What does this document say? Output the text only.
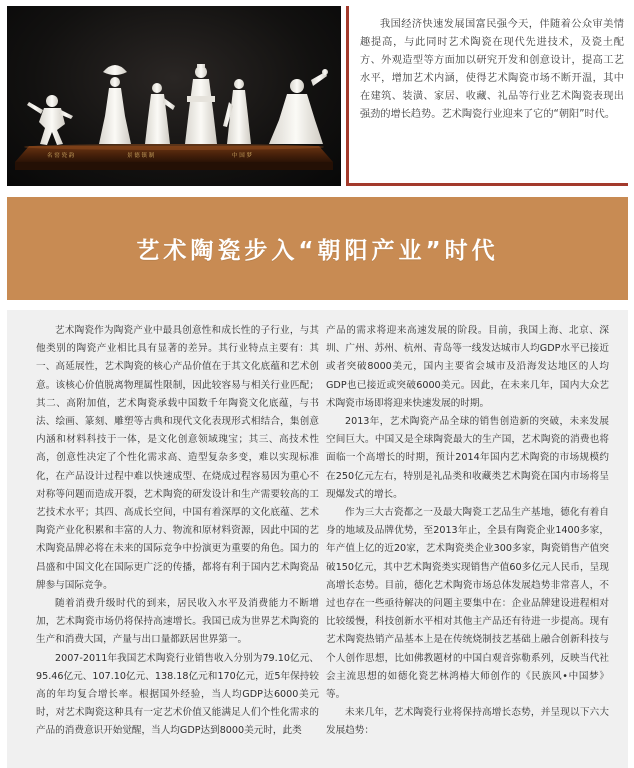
名 窑 瓷 韵	景 德 镇 制	中 国 梦

我国经济快速发展国富民强今天，伴随着公众审美情趣提高，与此同时艺术陶瓷在现代先进技术，及瓷土配方、外观造型等方面加以研究开发和创意设计，提高工艺水平，增加艺术内涵，使得艺术陶瓷市场不断开温，其中在建筑、装潢、家居、收藏、礼品等行业艺术陶瓷表现出强劲的增长趋势。艺术陶瓷行业迎来了它的“朝阳”时代。

艺术陶瓷步入“朝阳产业”时代

艺术陶瓷作为陶瓷产业中最具创意性和成长性的子行业，与其他类别的陶瓷产业相比具有显著的差异。其行业特点主要有：其一、高延展性，艺术陶瓷的核心产品价值在于其文化底蕴和艺术创意。该核心价值脱离物理属性限制，因此较容易与相关行业匹配；其二、高附加值，艺术陶瓷承载中国数千年陶瓷文化底蕴，与书法、绘画、篆刻、雕塑等古典和现代文化表现形式相结合，集创意内涵和材料科技于一体，是文化创意领域瑰宝；其三、高技术性高，创意性决定了个性化需求高、造型复杂多变，难以实现标准化，在产品设计过程中难以快速成型、在烧成过程容易因为重心不对称等问题而造成开裂，艺术陶瓷的研发设计和生产需要较高的工艺技术水平；其四、高成长空间，中国有着深厚的文化底蕴、艺术陶瓷产业化积累和丰富的人力、物流和原材料资源，因此中国的艺术陶瓷品牌必将在未来的国际竞争中扮演更为重要的角色。国力的昌盛和中国文化在国际更广泛的传播，都将有利于国内艺术陶瓷品牌参与国际竞争。

随着消费升级时代的到来，居民收入水平及消费能力不断增加，艺术陶瓷市场仍将保持高速增长。我国已成为世界艺术陶瓷的生产和消费大国，产量与出口量都跃居世界第一。

2007-2011年我国艺术陶瓷行业销售收入分别为79.10亿元、95.46亿元、107.10亿元、138.18亿元和170亿元，近5年保持较高的年均复合增长率。根据国外经验，当人均GDP达6000美元时，对艺术陶瓷这种具有一定艺术价值又能满足人们个性化需求的产品的消费意识开始觉醒，当人均GDP达到8000美元时，此类

产品的需求将迎来高速发展的阶段。目前，我国上海、北京、深圳、广州、苏州、杭州、青岛等一线发达城市人均GDP水平已接近或者突破8000美元，国内主要省会城市及沿海发达地区的人均GDP也已接近或突破6000美元。因此，在未来几年，国内大众艺术陶瓷市场即将迎来快速发展的时期。

2013年，艺术陶瓷产品全球的销售创造新的突破，未来发展空间巨大。中国又是全球陶瓷最大的生产国，艺术陶瓷的消费也将面临一个高增长的时期，预计2014年国内艺术陶瓷的市场规模约在250亿元左右，特别是礼品类和收藏类艺术陶瓷在国内市场将呈现爆发式的增长。

作为三大古瓷都之一及最大陶瓷工艺品生产基地，德化有着自身的地域及品牌优势，至2013年止，全县有陶瓷企业1400多家，年产值上亿的近20家，艺术陶瓷类企业300多家，陶瓷销售产值突破150亿元，其中艺术陶瓷类实现销售产值60多亿元人民币，呈现高增长态势。目前，德化艺术陶瓷市场总体发展趋势非常喜人，不过也存在一些亟待解决的问题主要集中在：企业品牌建设进程相对比较缓慢，科技创新水平相对其他主产品还有待进一步提高。现有艺术陶瓷热销产品基本上是在传统烧制技艺基础上融合创新科技与个人创作思想，比如佛教题材的中国白观音弥勒系列，反映当代社会主流思想的如德化瓷艺林鸿椿大师创作的《民族风•中国梦》等。

未来几年，艺术陶瓷行业将保持高增长态势，并呈现以下六大发展趋势：
